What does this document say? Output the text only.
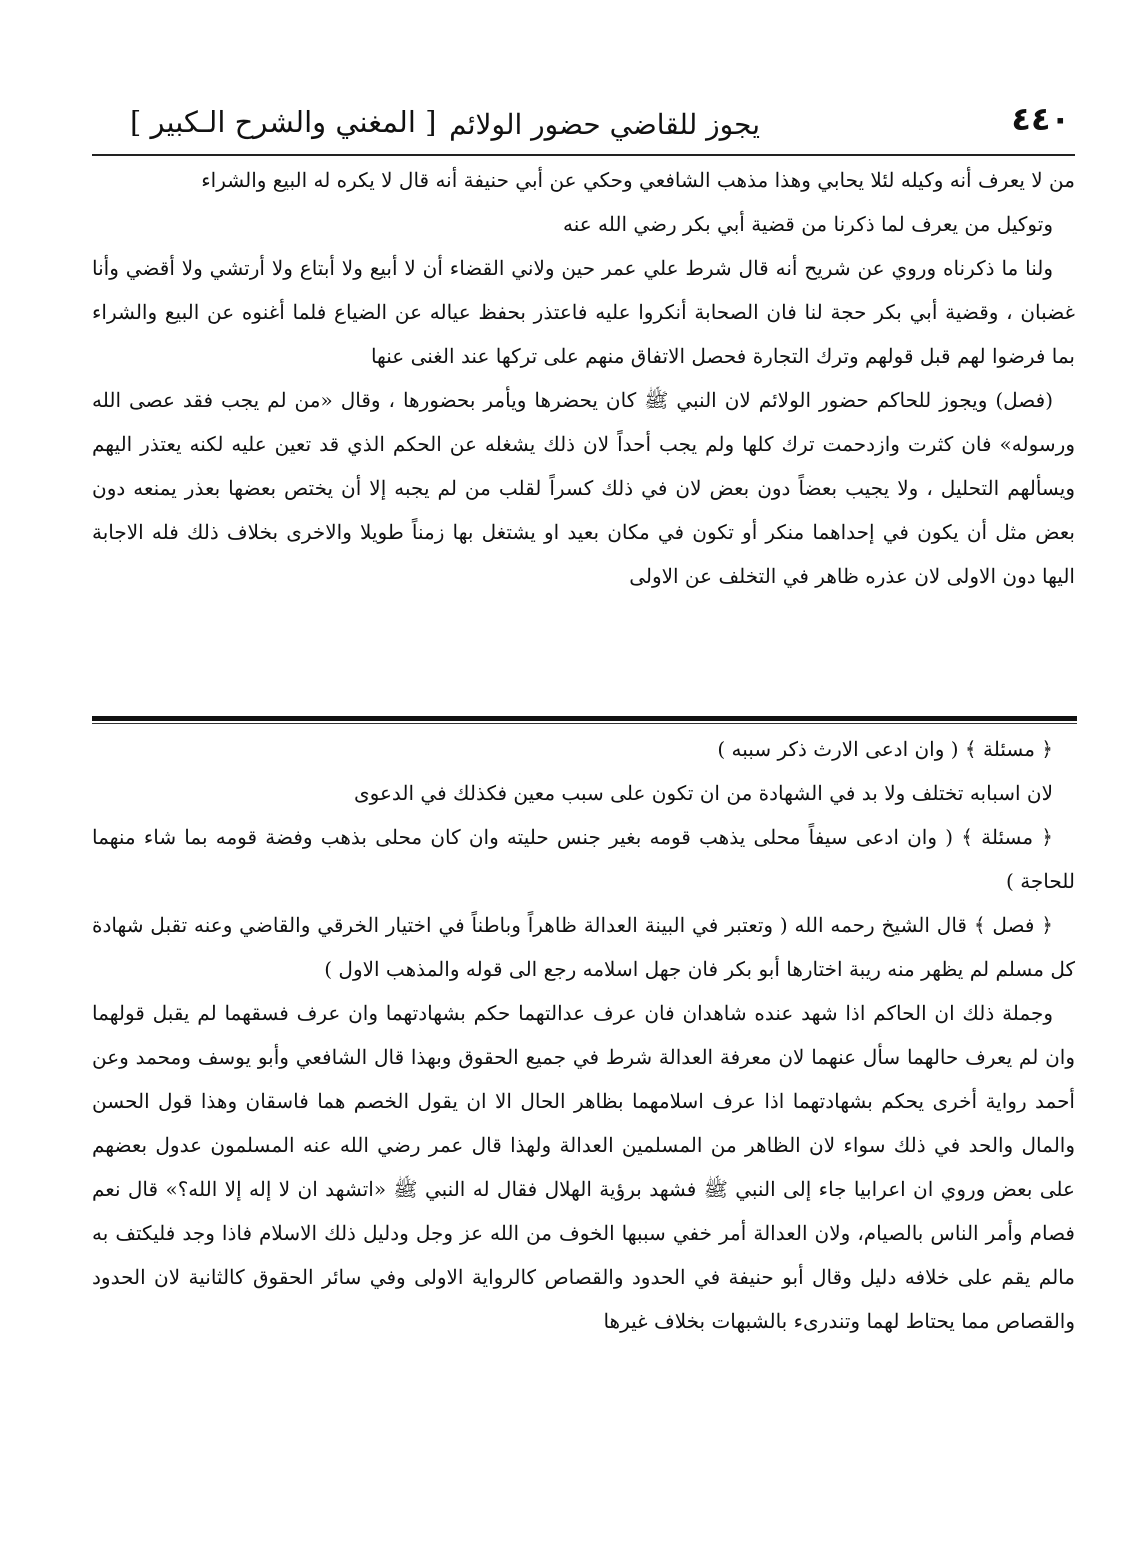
٤٤٠
يجوز للقاضي حضور الولائم
[ المغني والشرح الـكبير ]

من لا يعرف أنه وكيله لئلا يحابي وهذا مذهب الشافعي وحكي عن أبي حنيفة أنه قال لا يكره له البيع والشراء

وتوكيل من يعرف لما ذكرنا من قضية أبي بكر رضي الله عنه

ولنا ما ذكرناه وروي عن شريح أنه قال شرط علي عمر حين ولاني القضاء أن لا أبيع ولا أبتاع ولا أرتشي ولا أقضي وأنا غضبان ، وقضية أبي بكر حجة لنا فان الصحابة أنكروا عليه فاعتذر بحفظ عياله عن الضياع فلما أغنوه عن البيع والشراء بما فرضوا لهم قبل قولهم وترك التجارة فحصل الاتفاق منهم على تركها عند الغنى عنها

(فصل) ويجوز للحاكم حضور الولائم لان النبي ﷺ كان يحضرها ويأمر بحضورها ، وقال «من لم يجب فقد عصى الله ورسوله» فان كثرت وازدحمت ترك كلها ولم يجب أحداً لان ذلك يشغله عن الحكم الذي قد تعين عليه لكنه يعتذر اليهم ويسألهم التحليل ، ولا يجيب بعضاً دون بعض لان في ذلك كسراً لقلب من لم يجبه إلا أن يختص بعضها بعذر يمنعه دون بعض مثل أن يكون في إحداهما منكر أو تكون في مكان بعيد او يشتغل بها زمناً طويلا والاخرى بخلاف ذلك فله الاجابة اليها دون الاولى لان عذره ظاهر في التخلف عن الاولى

﴿ مسئلة ﴾ ( وان ادعى الارث ذكر سببه )

لان اسبابه تختلف ولا بد في الشهادة من ان تكون على سبب معين فكذلك في الدعوى

﴿ مسئلة ﴾ ( وان ادعى سيفاً محلى يذهب قومه بغير جنس حليته وان كان محلى بذهب وفضة قومه بما شاء منهما للحاجة )

﴿ فصل ﴾ قال الشيخ رحمه الله ( وتعتبر في البينة العدالة ظاهراً وباطناً في اختيار الخرقي والقاضي وعنه تقبل شهادة كل مسلم لم يظهر منه ريبة اختارها أبو بكر فان جهل اسلامه رجع الى قوله والمذهب الاول )

وجملة ذلك ان الحاكم اذا شهد عنده شاهدان فان عرف عدالتهما حكم بشهادتهما وان عرف فسقهما لم يقبل قولهما وان لم يعرف حالهما سأل عنهما لان معرفة العدالة شرط في جميع الحقوق وبهذا قال الشافعي وأبو يوسف ومحمد وعن أحمد رواية أخرى يحكم بشهادتهما اذا عرف اسلامهما بظاهر الحال الا ان يقول الخصم هما فاسقان وهذا قول الحسن والمال والحد في ذلك سواء لان الظاهر من المسلمين العدالة ولهذا قال عمر رضي الله عنه المسلمون عدول بعضهم على بعض وروي ان اعرابيا جاء إلى النبي ﷺ فشهد برؤية الهلال فقال له النبي ﷺ «اتشهد ان لا إله إلا الله؟» قال نعم فصام وأمر الناس بالصيام، ولان العدالة أمر خفي سببها الخوف من الله عز وجل ودليل ذلك الاسلام فاذا وجد فليكتف به مالم يقم على خلافه دليل وقال أبو حنيفة في الحدود والقصاص كالرواية الاولى وفي سائر الحقوق كالثانية لان الحدود والقصاص مما يحتاط لهما وتندرىء بالشبهات بخلاف غيرها
